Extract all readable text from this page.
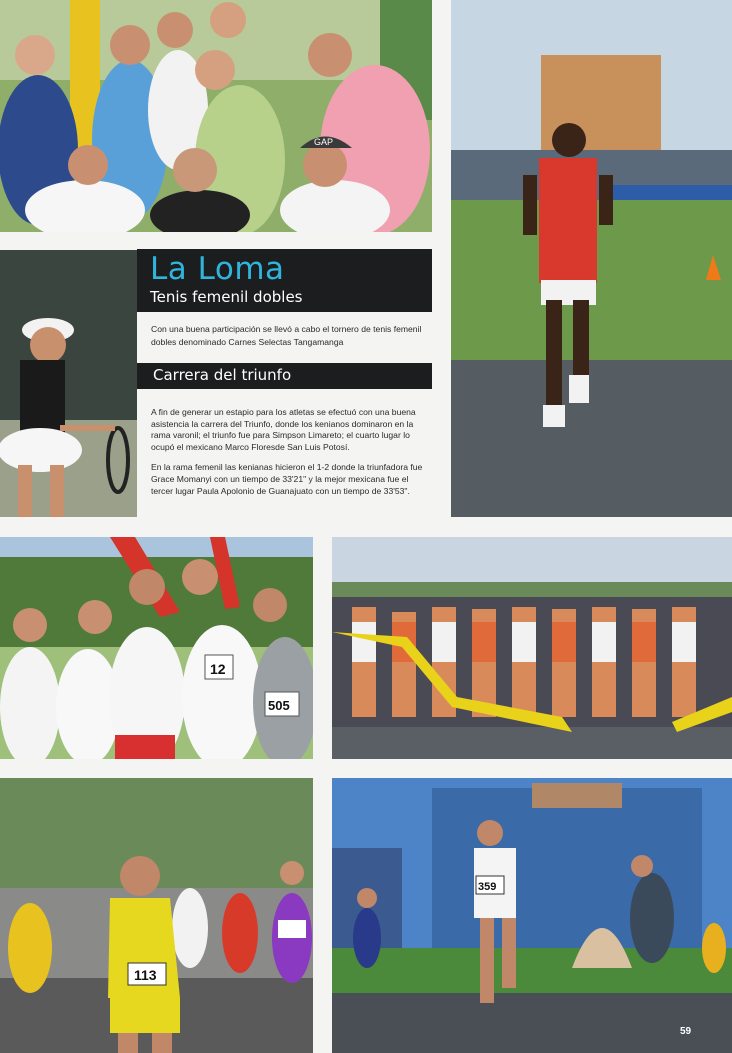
GAP
La Loma
Tenis femenil dobles
Con una buena participación se llevó a cabo el tornero de tenis femenil dobles denominado Carnes Selectas Tangamanga
Carrera del triunfo

A fin de generar un estapio para los atletas se efectuó con una buena asistencia la carrera del Triunfo, donde los kenianos dominaron en la rama varonil; el triunfo fue para Simpson Limareto; el cuarto lugar lo ocupó el mexicano Marco Floresde San Luis Potosí.

En la rama femenil las kenianas hicieron el 1-2 donde la triunfadora fue Grace Momanyi con un tiempo de 33'21" y la mejor mexicana fue el tercer lugar Paula Apolonio de Guanajuato con un tiempo de 33'53".

12
505
113
359
59
